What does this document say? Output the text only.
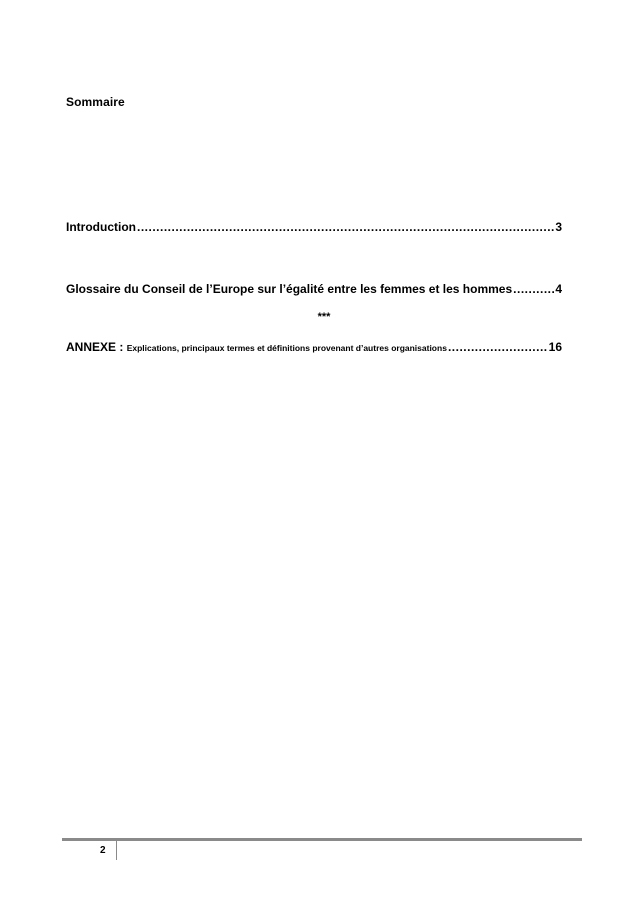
Sommaire
Introduction .....	3
Glossaire du Conseil de l’Europe sur l’égalité entre les femmes et les hommes .....	4
***
ANNEXE : Explications, principaux termes et définitions provenant d’autres organisations .....	16
2
